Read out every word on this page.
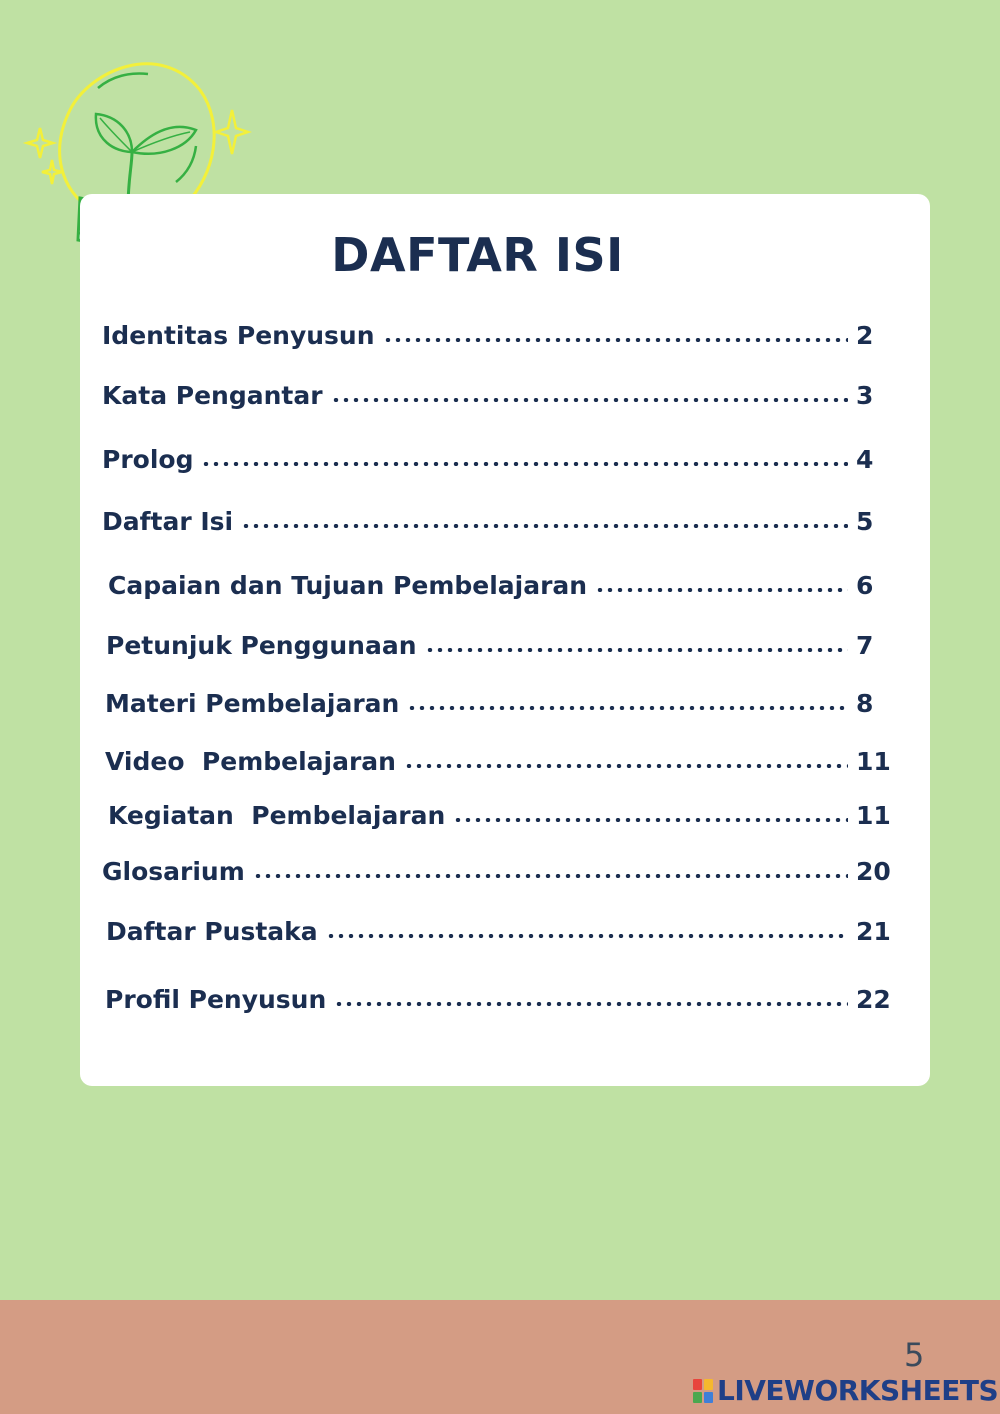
DAFTAR ISI
Identitas Penyusun	2
Kata Pengantar	3
Prolog	4
Daftar Isi	5
Capaian dan Tujuan Pembelajaran	6
Petunjuk Penggunaan	7
Materi Pembelajaran	8
Video  Pembelajaran	11
Kegiatan  Pembelajaran	11
Glosarium	20
Daftar Pustaka	21
Profil Penyusun	22
5
LIVEWORKSHEETS
